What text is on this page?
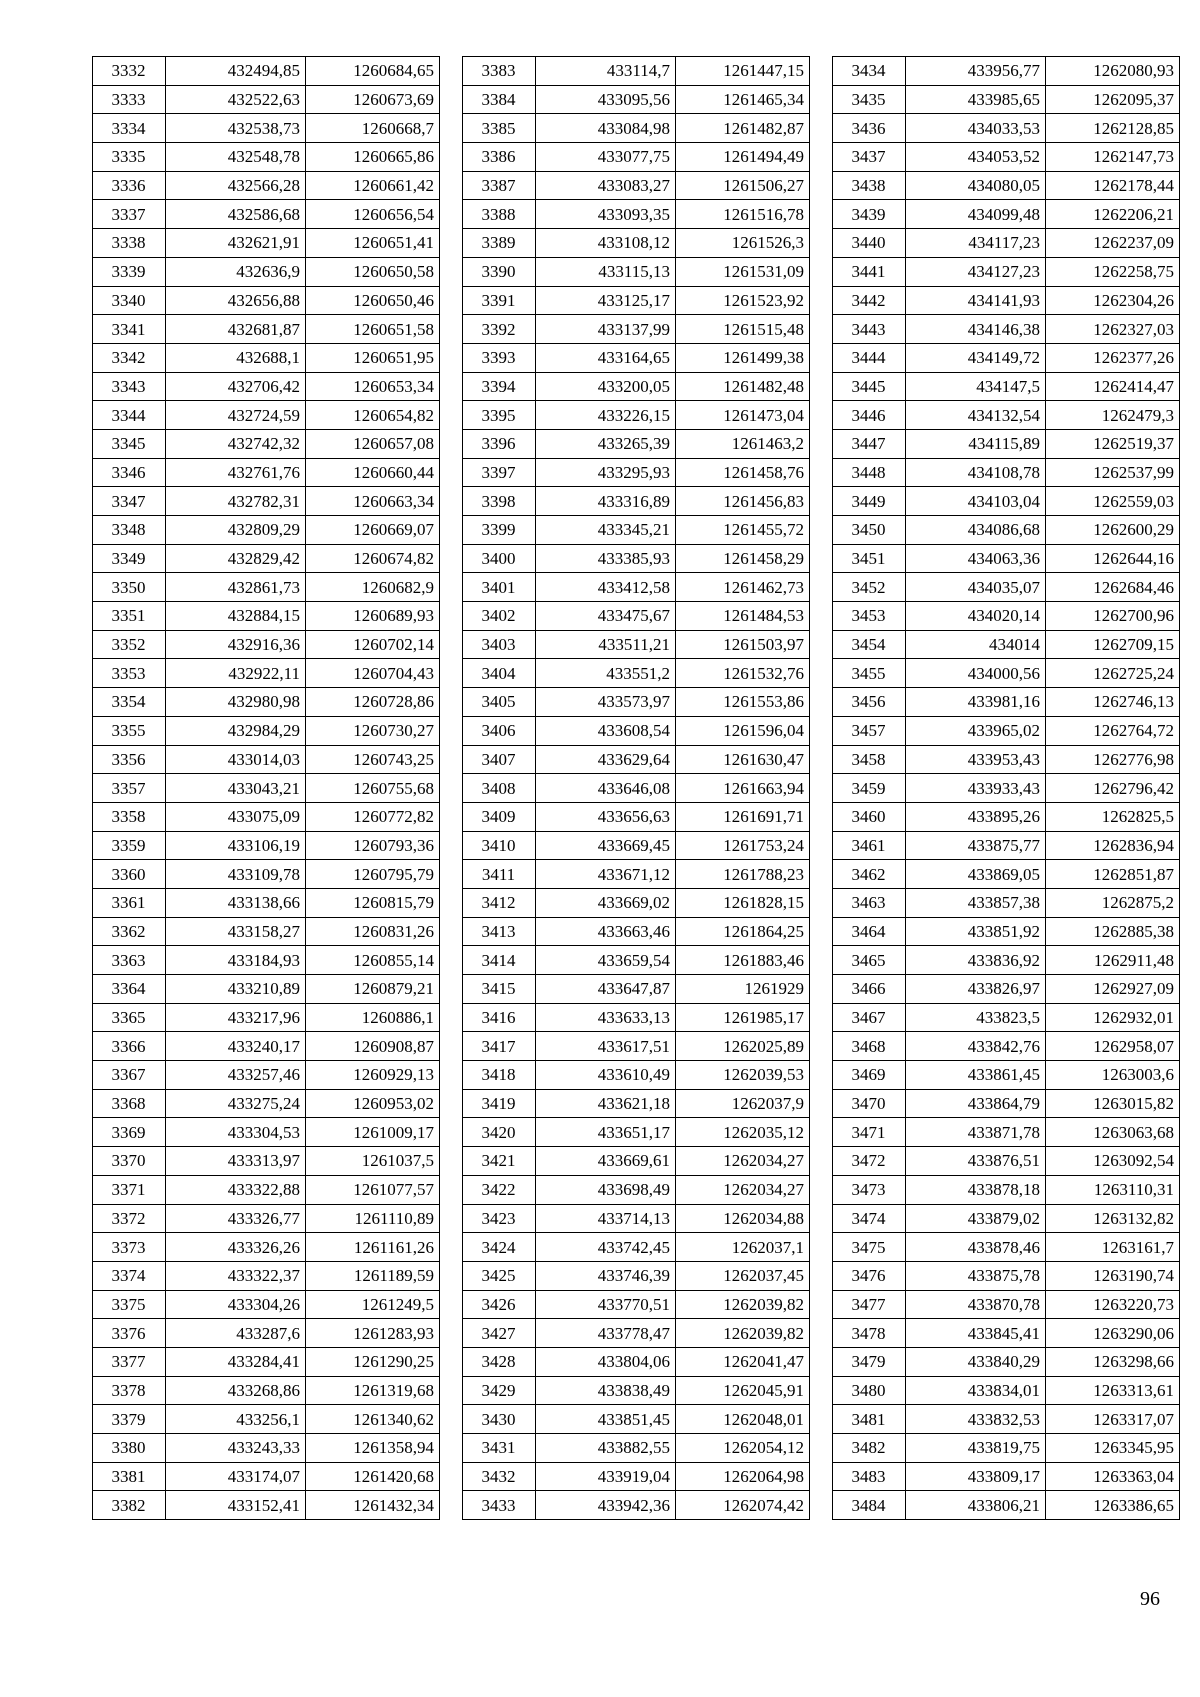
3332	432494,85	1260684,65
3333	432522,63	1260673,69
3334	432538,73	1260668,7
3335	432548,78	1260665,86
3336	432566,28	1260661,42
3337	432586,68	1260656,54
3338	432621,91	1260651,41
3339	432636,9	1260650,58
3340	432656,88	1260650,46
3341	432681,87	1260651,58
3342	432688,1	1260651,95
3343	432706,42	1260653,34
3344	432724,59	1260654,82
3345	432742,32	1260657,08
3346	432761,76	1260660,44
3347	432782,31	1260663,34
3348	432809,29	1260669,07
3349	432829,42	1260674,82
3350	432861,73	1260682,9
3351	432884,15	1260689,93
3352	432916,36	1260702,14
3353	432922,11	1260704,43
3354	432980,98	1260728,86
3355	432984,29	1260730,27
3356	433014,03	1260743,25
3357	433043,21	1260755,68
3358	433075,09	1260772,82
3359	433106,19	1260793,36
3360	433109,78	1260795,79
3361	433138,66	1260815,79
3362	433158,27	1260831,26
3363	433184,93	1260855,14
3364	433210,89	1260879,21
3365	433217,96	1260886,1
3366	433240,17	1260908,87
3367	433257,46	1260929,13
3368	433275,24	1260953,02
3369	433304,53	1261009,17
3370	433313,97	1261037,5
3371	433322,88	1261077,57
3372	433326,77	1261110,89
3373	433326,26	1261161,26
3374	433322,37	1261189,59
3375	433304,26	1261249,5
3376	433287,6	1261283,93
3377	433284,41	1261290,25
3378	433268,86	1261319,68
3379	433256,1	1261340,62
3380	433243,33	1261358,94
3381	433174,07	1261420,68
3382	433152,41	1261432,34
3383	433114,7	1261447,15
3384	433095,56	1261465,34
3385	433084,98	1261482,87
3386	433077,75	1261494,49
3387	433083,27	1261506,27
3388	433093,35	1261516,78
3389	433108,12	1261526,3
3390	433115,13	1261531,09
3391	433125,17	1261523,92
3392	433137,99	1261515,48
3393	433164,65	1261499,38
3394	433200,05	1261482,48
3395	433226,15	1261473,04
3396	433265,39	1261463,2
3397	433295,93	1261458,76
3398	433316,89	1261456,83
3399	433345,21	1261455,72
3400	433385,93	1261458,29
3401	433412,58	1261462,73
3402	433475,67	1261484,53
3403	433511,21	1261503,97
3404	433551,2	1261532,76
3405	433573,97	1261553,86
3406	433608,54	1261596,04
3407	433629,64	1261630,47
3408	433646,08	1261663,94
3409	433656,63	1261691,71
3410	433669,45	1261753,24
3411	433671,12	1261788,23
3412	433669,02	1261828,15
3413	433663,46	1261864,25
3414	433659,54	1261883,46
3415	433647,87	1261929
3416	433633,13	1261985,17
3417	433617,51	1262025,89
3418	433610,49	1262039,53
3419	433621,18	1262037,9
3420	433651,17	1262035,12
3421	433669,61	1262034,27
3422	433698,49	1262034,27
3423	433714,13	1262034,88
3424	433742,45	1262037,1
3425	433746,39	1262037,45
3426	433770,51	1262039,82
3427	433778,47	1262039,82
3428	433804,06	1262041,47
3429	433838,49	1262045,91
3430	433851,45	1262048,01
3431	433882,55	1262054,12
3432	433919,04	1262064,98
3433	433942,36	1262074,42
3434	433956,77	1262080,93
3435	433985,65	1262095,37
3436	434033,53	1262128,85
3437	434053,52	1262147,73
3438	434080,05	1262178,44
3439	434099,48	1262206,21
3440	434117,23	1262237,09
3441	434127,23	1262258,75
3442	434141,93	1262304,26
3443	434146,38	1262327,03
3444	434149,72	1262377,26
3445	434147,5	1262414,47
3446	434132,54	1262479,3
3447	434115,89	1262519,37
3448	434108,78	1262537,99
3449	434103,04	1262559,03
3450	434086,68	1262600,29
3451	434063,36	1262644,16
3452	434035,07	1262684,46
3453	434020,14	1262700,96
3454	434014	1262709,15
3455	434000,56	1262725,24
3456	433981,16	1262746,13
3457	433965,02	1262764,72
3458	433953,43	1262776,98
3459	433933,43	1262796,42
3460	433895,26	1262825,5
3461	433875,77	1262836,94
3462	433869,05	1262851,87
3463	433857,38	1262875,2
3464	433851,92	1262885,38
3465	433836,92	1262911,48
3466	433826,97	1262927,09
3467	433823,5	1262932,01
3468	433842,76	1262958,07
3469	433861,45	1263003,6
3470	433864,79	1263015,82
3471	433871,78	1263063,68
3472	433876,51	1263092,54
3473	433878,18	1263110,31
3474	433879,02	1263132,82
3475	433878,46	1263161,7
3476	433875,78	1263190,74
3477	433870,78	1263220,73
3478	433845,41	1263290,06
3479	433840,29	1263298,66
3480	433834,01	1263313,61
3481	433832,53	1263317,07
3482	433819,75	1263345,95
3483	433809,17	1263363,04
3484	433806,21	1263386,65
96
